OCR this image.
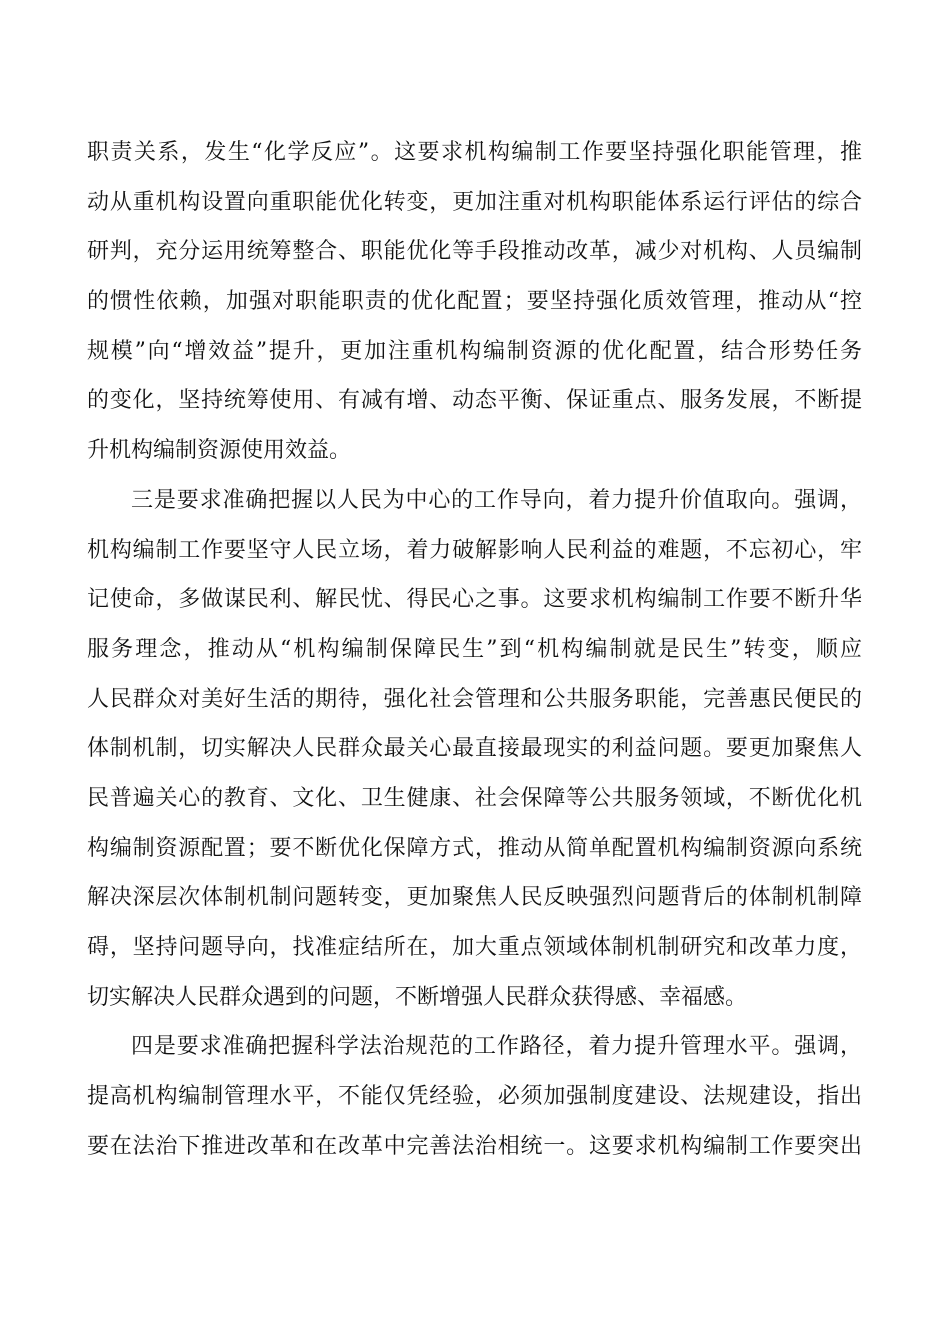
职责关系，发生“化学反应”。这要求机构编制工作要坚持强化职能管理，推
动从重机构设置向重职能优化转变，更加注重对机构职能体系运行评估的综合
研判，充分运用统筹整合、职能优化等手段推动改革，减少对机构、人员编制
的惯性依赖，加强对职能职责的优化配置；要坚持强化质效管理，推动从“控
规模”向“增效益”提升，更加注重机构编制资源的优化配置，结合形势任务
的变化，坚持统筹使用、有减有增、动态平衡、保证重点、服务发展，不断提
升机构编制资源使用效益。
三是要求准确把握以人民为中心的工作导向，着力提升价值取向。强调，
机构编制工作要坚守人民立场，着力破解影响人民利益的难题，不忘初心，牢
记使命，多做谋民利、解民忧、得民心之事。这要求机构编制工作要不断升华
服务理念，推动从“机构编制保障民生”到“机构编制就是民生”转变，顺应
人民群众对美好生活的期待，强化社会管理和公共服务职能，完善惠民便民的
体制机制，切实解决人民群众最关心最直接最现实的利益问题。要更加聚焦人
民普遍关心的教育、文化、卫生健康、社会保障等公共服务领域，不断优化机
构编制资源配置；要不断优化保障方式，推动从简单配置机构编制资源向系统
解决深层次体制机制问题转变，更加聚焦人民反映强烈问题背后的体制机制障
碍，坚持问题导向，找准症结所在，加大重点领域体制机制研究和改革力度，
切实解决人民群众遇到的问题，不断增强人民群众获得感、幸福感。
四是要求准确把握科学法治规范的工作路径，着力提升管理水平。强调，
提高机构编制管理水平，不能仅凭经验，必须加强制度建设、法规建设，指出
要在法治下推进改革和在改革中完善法治相统一。这要求机构编制工作要突出
